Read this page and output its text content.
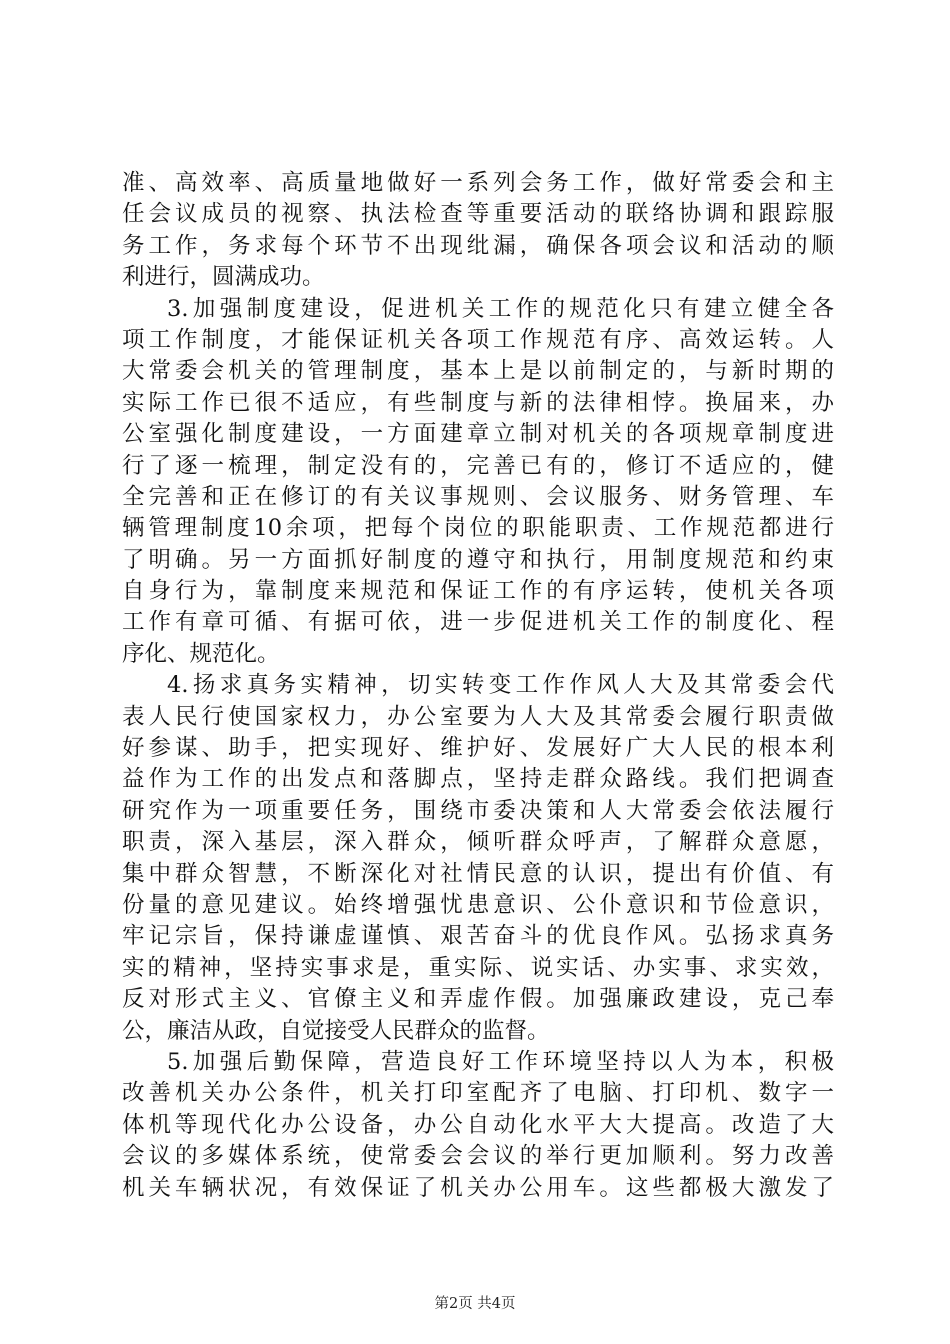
准、高效率、高质量地做好一系列会务工作，做好常委会和主
任会议成员的视察、执法检查等重要活动的联络协调和跟踪服
务工作，务求每个环节不出现纰漏，确保各项会议和活动的顺
利进行，圆满成功。
3.加强制度建设，促进机关工作的规范化只有建立健全各
项工作制度，才能保证机关各项工作规范有序、高效运转。人
大常委会机关的管理制度，基本上是以前制定的，与新时期的
实际工作已很不适应，有些制度与新的法律相悖。换届来，办
公室强化制度建设，一方面建章立制对机关的各项规章制度进
行了逐一梳理，制定没有的，完善已有的，修订不适应的，健
全完善和正在修订的有关议事规则、会议服务、财务管理、车
辆管理制度10余项，把每个岗位的职能职责、工作规范都进行
了明确。另一方面抓好制度的遵守和执行，用制度规范和约束
自身行为，靠制度来规范和保证工作的有序运转，使机关各项
工作有章可循、有据可依，进一步促进机关工作的制度化、程
序化、规范化。
4.扬求真务实精神，切实转变工作作风人大及其常委会代
表人民行使国家权力，办公室要为人大及其常委会履行职责做
好参谋、助手，把实现好、维护好、发展好广大人民的根本利
益作为工作的出发点和落脚点，坚持走群众路线。我们把调查
研究作为一项重要任务，围绕市委决策和人大常委会依法履行
职责，深入基层，深入群众，倾听群众呼声，了解群众意愿，
集中群众智慧，不断深化对社情民意的认识，提出有价值、有
份量的意见建议。始终增强忧患意识、公仆意识和节俭意识，
牢记宗旨，保持谦虚谨慎、艰苦奋斗的优良作风。弘扬求真务
实的精神，坚持实事求是，重实际、说实话、办实事、求实效，
反对形式主义、官僚主义和弄虚作假。加强廉政建设，克己奉
公，廉洁从政，自觉接受人民群众的监督。
5.加强后勤保障，营造良好工作环境坚持以人为本，积极
改善机关办公条件，机关打印室配齐了电脑、打印机、数字一
体机等现代化办公设备，办公自动化水平大大提高。改造了大
会议的多媒体系统，使常委会会议的举行更加顺利。努力改善
机关车辆状况，有效保证了机关办公用车。这些都极大激发了
第2页 共4页
